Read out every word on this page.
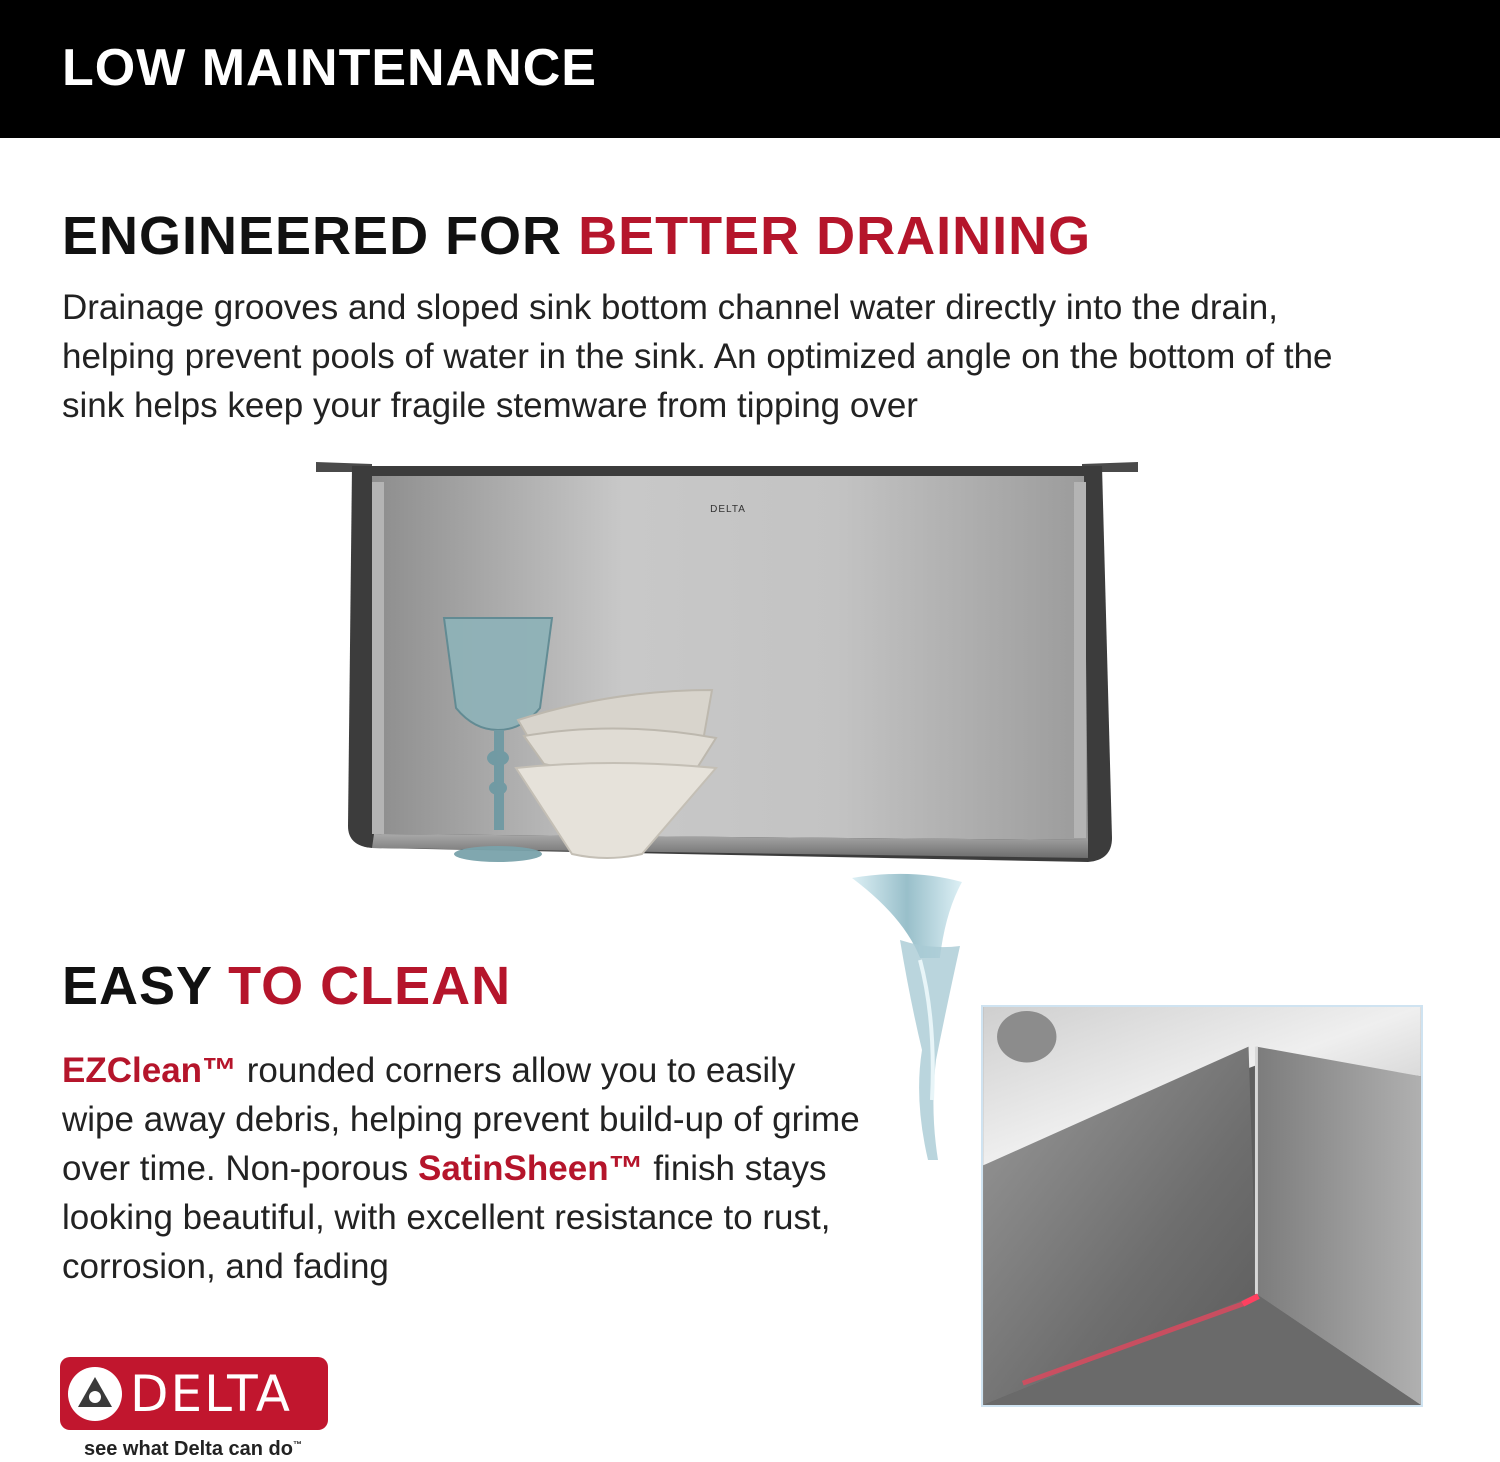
LOW MAINTENANCE
ENGINEERED FOR BETTER DRAINING

Drainage grooves and sloped sink bottom channel water directly into the drain, helping prevent pools of water in the sink. An optimized angle on the bottom of the sink helps keep your fragile stemware from tipping over

DELTA
EASY TO CLEAN

EZClean™ rounded corners allow you to easily wipe away debris, helping prevent build-up of grime over time. Non-porous SatinSheen™ finish stays looking beautiful, with excellent resistance to rust, corrosion, and fading

DELTA

see what Delta can do™
